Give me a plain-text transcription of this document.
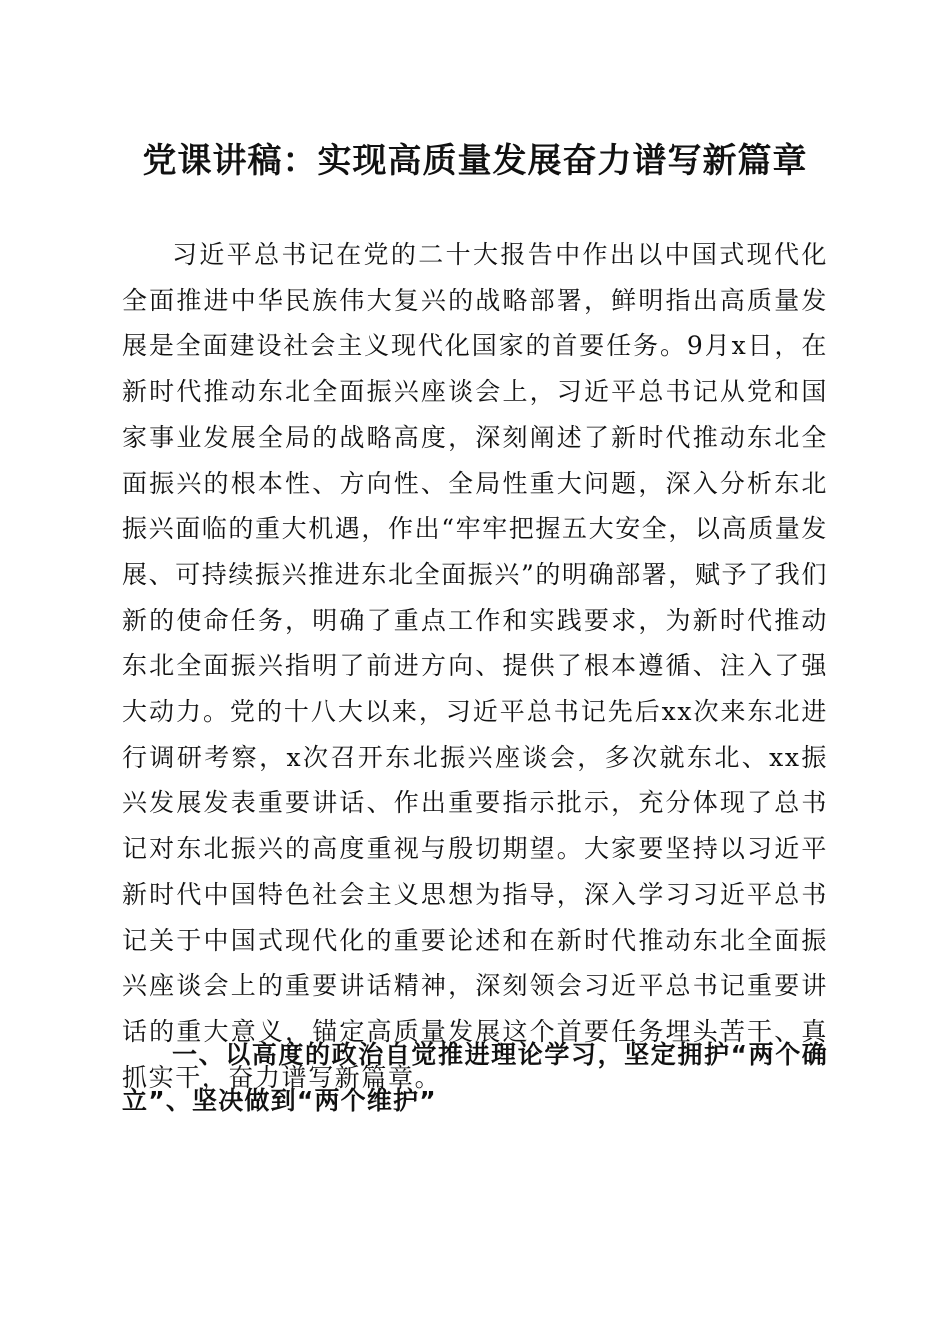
党课讲稿：实现高质量发展奋力谱写新篇章

习近平总书记在党的二十大报告中作出以中国式现代化全面推进中华民族伟大复兴的战略部署，鲜明指出高质量发展是全面建设社会主义现代化国家的首要任务。9月x日，在新时代推动东北全面振兴座谈会上，习近平总书记从党和国家事业发展全局的战略高度，深刻阐述了新时代推动东北全面振兴的根本性、方向性、全局性重大问题，深入分析东北振兴面临的重大机遇，作出“牢牢把握五大安全，以高质量发展、可持续振兴推进东北全面振兴”的明确部署，赋予了我们新的使命任务，明确了重点工作和实践要求，为新时代推动东北全面振兴指明了前进方向、提供了根本遵循、注入了强大动力。党的十八大以来，习近平总书记先后xx次来东北进行调研考察，x次召开东北振兴座谈会，多次就东北、xx振兴发展发表重要讲话、作出重要指示批示，充分体现了总书记对东北振兴的高度重视与殷切期望。大家要坚持以习近平新时代中国特色社会主义思想为指导，深入学习习近平总书记关于中国式现代化的重要论述和在新时代推动东北全面振兴座谈会上的重要讲话精神，深刻领会习近平总书记重要讲话的重大意义，锚定高质量发展这个首要任务埋头苦干、真抓实干，奋力谱写新篇章。

一、以高度的政治自觉推进理论学习，坚定拥护“两个确立”、坚决做到“两个维护”
